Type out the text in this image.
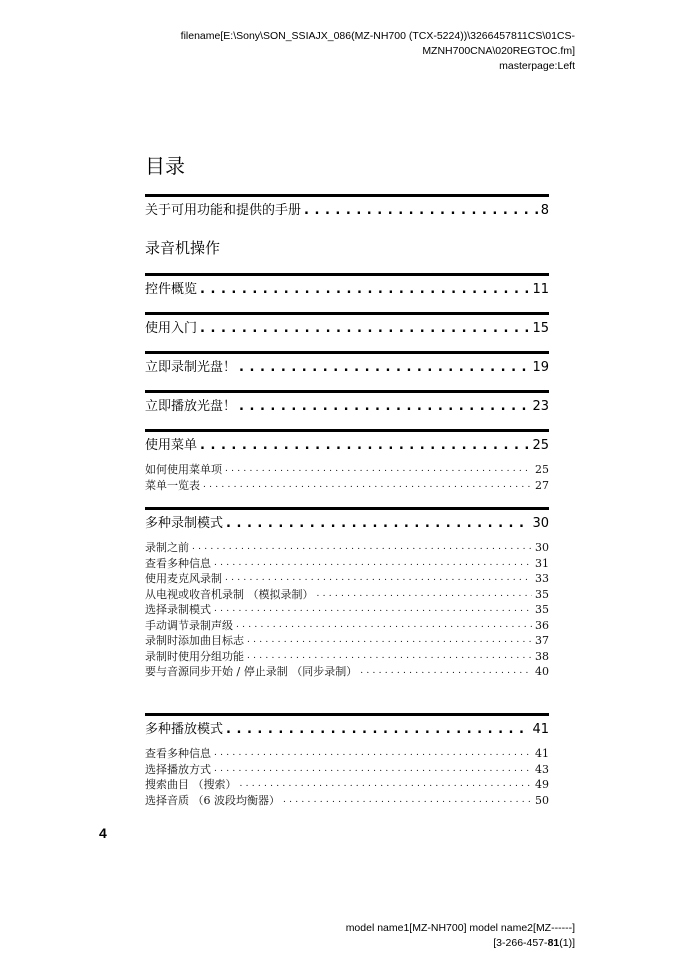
filename[E:\Sony\SON_SSIAJX_086(MZ-NH700 (TCX-5224))\3266457811CS\01CS-
MZNH700CNA\020REGTOC.fm]
masterpage:Left
目录
录音机操作
关于可用功能和提供的手册 . . .	8
控件概览 . . .	11
使用入门 . . .	15
立即录制光盘！ . . .	19
立即播放光盘！ . . .	23
使用菜单 . . .	25
如何使用菜单项 . . .	25
菜单一览表 . . .	27
多种录制模式 . . .	30
录制之前 . . .	30
查看多种信息 . . .	31
使用麦克风录制 . . .	33
从电视或收音机录制 （模拟录制） . . .	35
选择录制模式 . . .	35
手动调节录制声级 . . .	36
录制时添加曲目标志 . . .	37
录制时使用分组功能 . . .	38
要与音源同步开始 / 停止录制 （同步录制） . . .	40
多种播放模式 . . .	41
查看多种信息 . . .	41
选择播放方式 . . .	43
搜索曲目 （搜索） . . .	49
选择音质 （6 波段均衡器） . . .	50
4
model name1[MZ-NH700] model name2[MZ------]
[3-266-457-81(1)]
